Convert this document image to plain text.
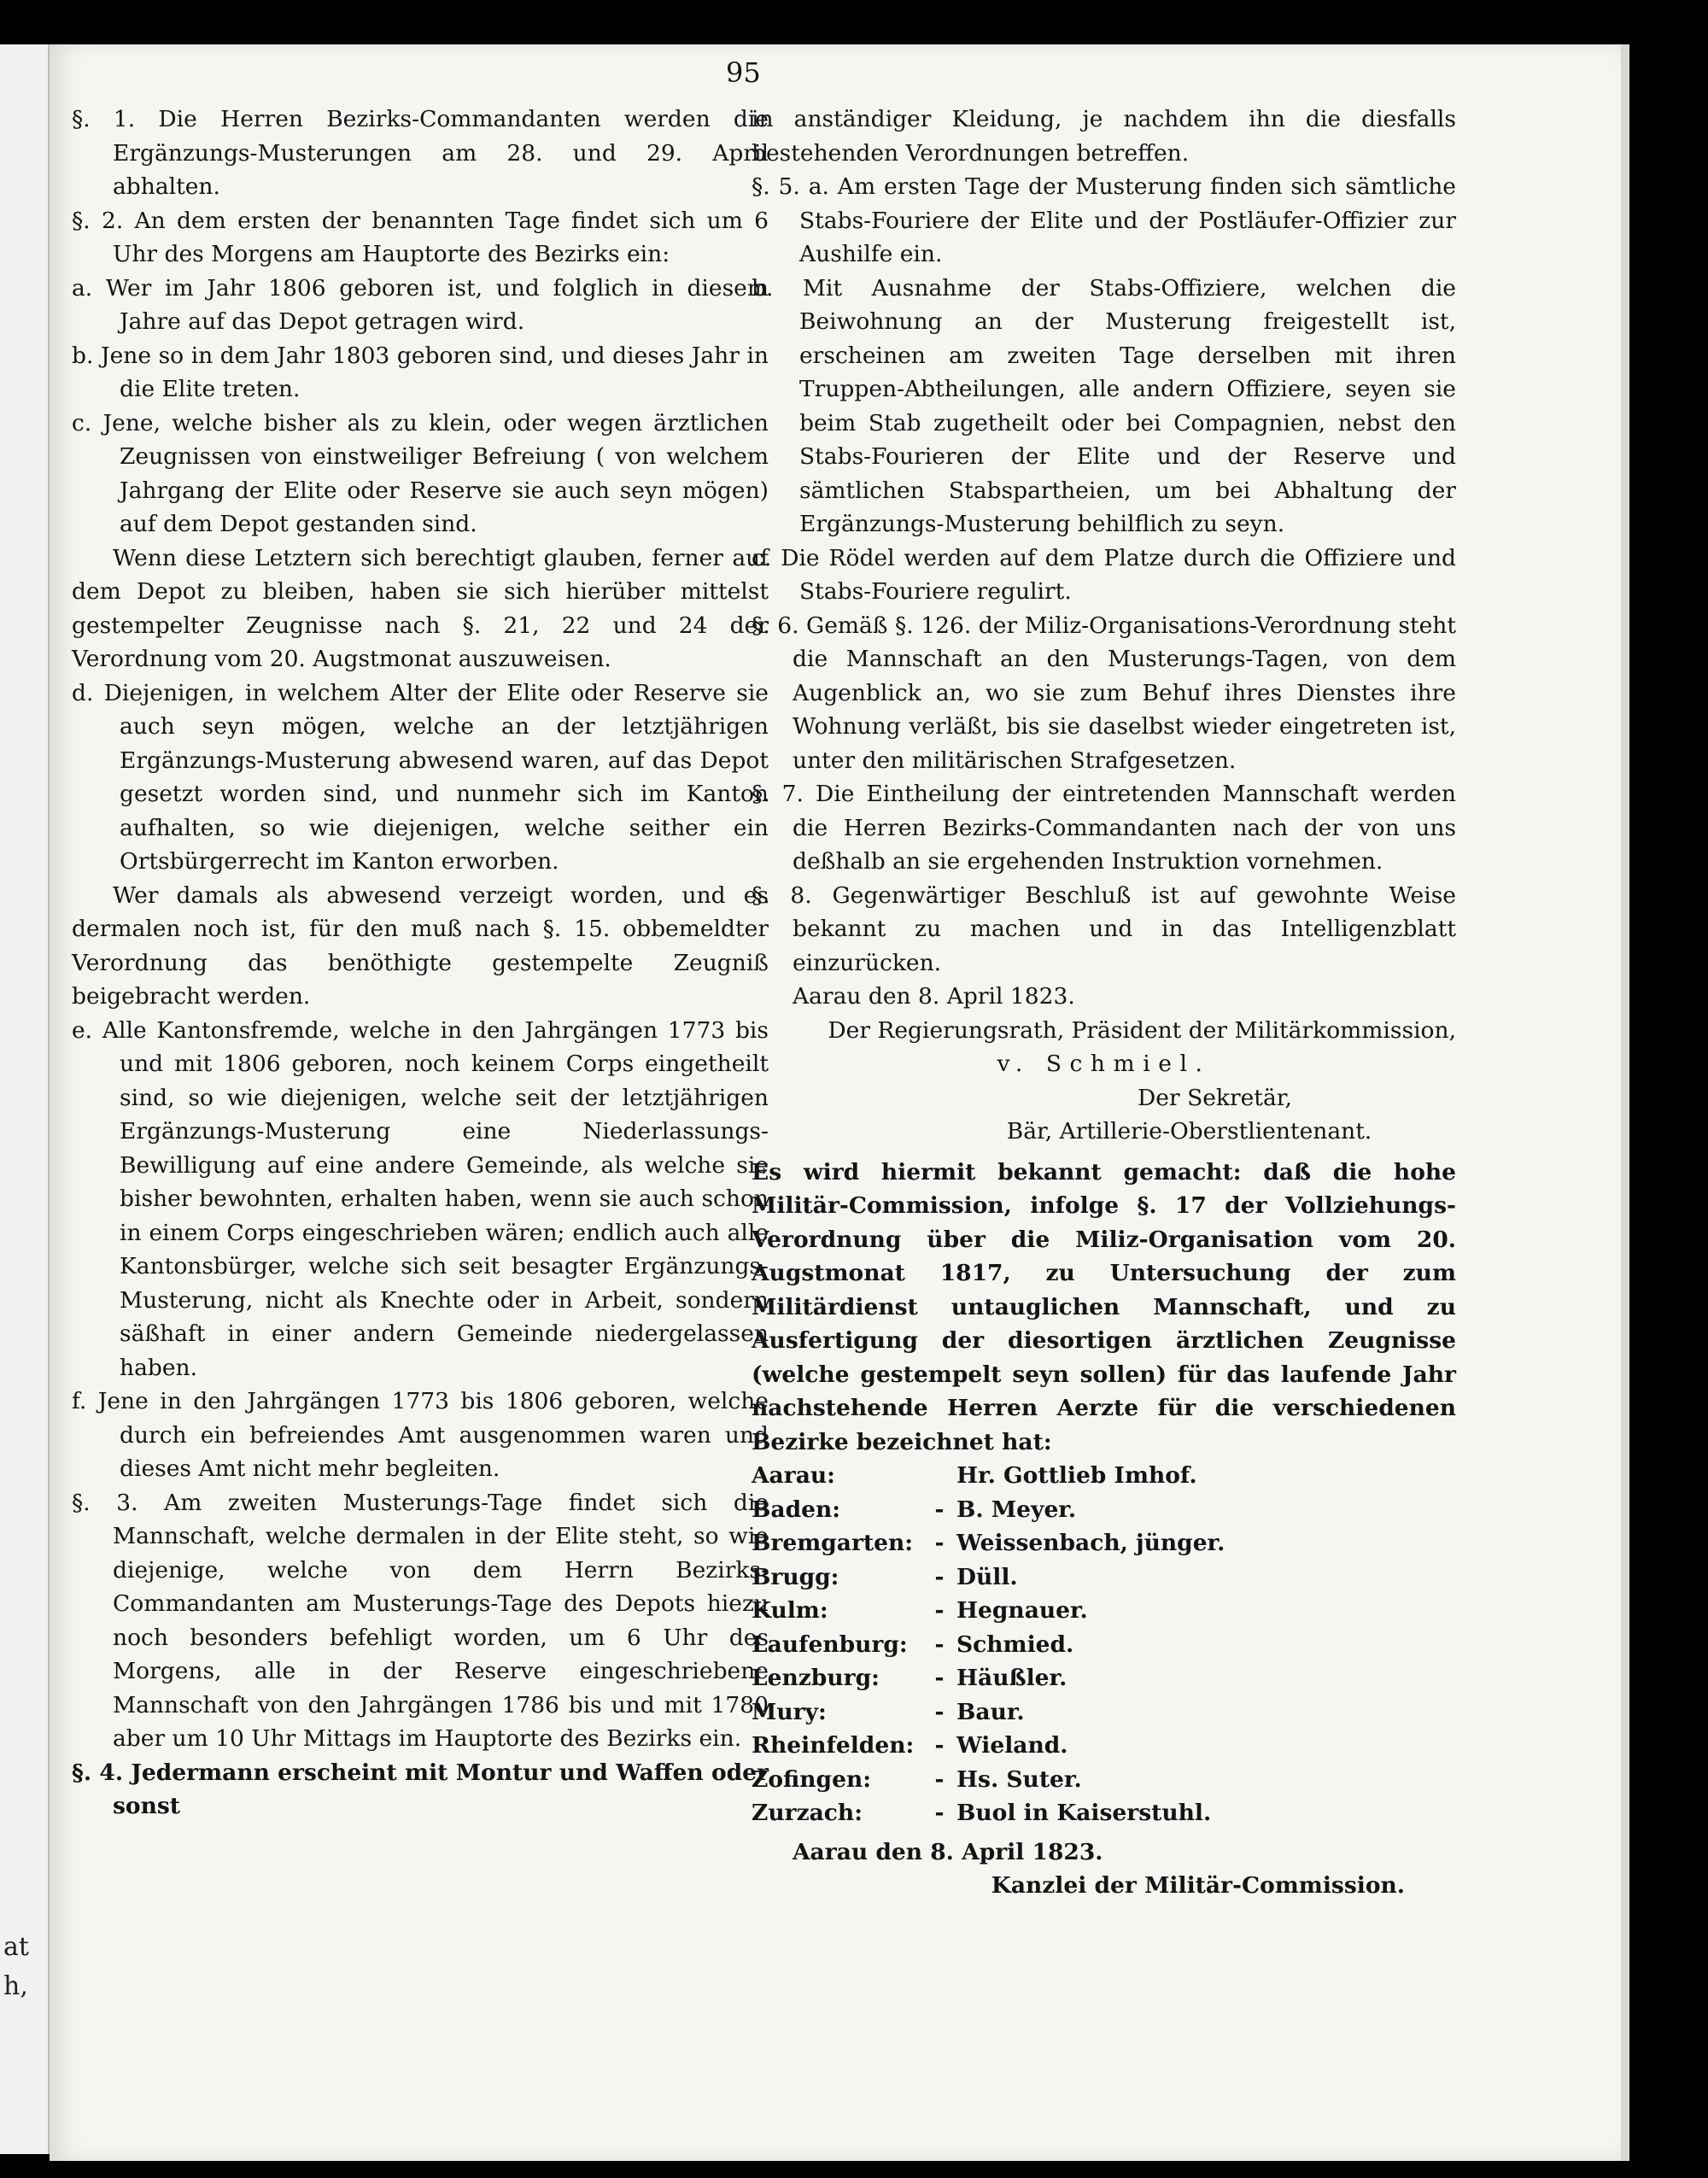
at
h,
95

§. 1. Die Herren Bezirks-Commandanten werden die Ergänzungs-Musterungen am 28. und 29. April abhalten.

§. 2. An dem ersten der benannten Tage findet sich um 6 Uhr des Morgens am Hauptorte des Bezirks ein:

a. Wer im Jahr 1806 geboren ist, und folglich in diesem Jahre auf das Depot getragen wird.

b. Jene so in dem Jahr 1803 geboren sind, und dieses Jahr in die Elite treten.

c. Jene, welche bisher als zu klein, oder wegen ärztlichen Zeugnissen von einstweiliger Befreiung ( von welchem Jahrgang der Elite oder Reserve sie auch seyn mögen) auf dem Depot gestanden sind.

Wenn diese Letztern sich berechtigt glauben, ferner auf dem Depot zu bleiben, haben sie sich hierüber mittelst gestempelter Zeugnisse nach §. 21, 22 und 24 der Verordnung vom 20. Augstmonat auszuweisen.

d. Diejenigen, in welchem Alter der Elite oder Reserve sie auch seyn mögen, welche an der letztjährigen Ergänzungs-Musterung abwesend waren, auf das Depot gesetzt worden sind, und nunmehr sich im Kanton aufhalten, so wie diejenigen, welche seither ein Ortsbürgerrecht im Kanton erworben.

Wer damals als abwesend verzeigt worden, und es dermalen noch ist, für den muß nach §. 15. obbemeldter Verordnung das benöthigte gestempelte Zeugniß beigebracht werden.

e. Alle Kantonsfremde, welche in den Jahrgängen 1773 bis und mit 1806 geboren, noch keinem Corps eingetheilt sind, so wie diejenigen, welche seit der letztjährigen Ergänzungs-Musterung eine Niederlassungs-Bewilligung auf eine andere Gemeinde, als welche sie bisher bewohnten, erhalten haben, wenn sie auch schon in einem Corps eingeschrieben wären; endlich auch alle Kantonsbürger, welche sich seit besagter Ergänzungs-Musterung, nicht als Knechte oder in Arbeit, sondern säßhaft in einer andern Gemeinde niedergelassen haben.

f. Jene in den Jahrgängen 1773 bis 1806 geboren, welche durch ein befreiendes Amt ausgenommen waren und dieses Amt nicht mehr begleiten.

§. 3. Am zweiten Musterungs-Tage findet sich die Mannschaft, welche dermalen in der Elite steht, so wie diejenige, welche von dem Herrn Bezirks-Commandanten am Musterungs-Tage des Depots hiezu noch besonders befehligt worden, um 6 Uhr des Morgens, alle in der Reserve eingeschriebene Mannschaft von den Jahrgängen 1786 bis und mit 1780 aber um 10 Uhr Mittags im Hauptorte des Bezirks ein.

§. 4. Jedermann erscheint mit Montur und Waffen oder sonst

in anständiger Kleidung, je nachdem ihn die diesfalls bestehenden Verordnungen betreffen.

§. 5. a. Am ersten Tage der Musterung finden sich sämtliche Stabs-Fouriere der Elite und der Postläufer-Offizier zur Aushilfe ein.

b. Mit Ausnahme der Stabs-Offiziere, welchen die Beiwohnung an der Musterung freigestellt ist, erscheinen am zweiten Tage derselben mit ihren Truppen-Abtheilungen, alle andern Offiziere, seyen sie beim Stab zugetheilt oder bei Compagnien, nebst den Stabs-Fourieren der Elite und der Reserve und sämtlichen Stabspartheien, um bei Abhaltung der Ergänzungs-Musterung behilflich zu seyn.

c. Die Rödel werden auf dem Platze durch die Offiziere und Stabs-Fouriere regulirt.

§. 6. Gemäß §. 126. der Miliz-Organisations-Verordnung steht die Mannschaft an den Musterungs-Tagen, von dem Augenblick an, wo sie zum Behuf ihres Dienstes ihre Wohnung verläßt, bis sie daselbst wieder eingetreten ist, unter den militärischen Strafgesetzen.

§. 7. Die Eintheilung der eintretenden Mannschaft werden die Herren Bezirks-Commandanten nach der von uns deßhalb an sie ergehenden Instruktion vornehmen.

§. 8. Gegenwärtiger Beschluß ist auf gewohnte Weise bekannt zu machen und in das Intelligenzblatt einzurücken.

Aarau den 8. April 1823.

Der Regierungsrath, Präsident der Militärkommission,

v. Schmiel.

Der Sekretär,

Bär, Artillerie-Oberstlientenant.

Es wird hiermit bekannt gemacht: daß die hohe Militär-Commission, infolge §. 17 der Vollziehungs-Verordnung über die Miliz-Organisation vom 20. Augstmonat 1817, zu Untersuchung der zum Militärdienst untauglichen Mannschaft, und zu Ausfertigung der diesortigen ärztlichen Zeugnisse (welche gestempelt seyn sollen) für das laufende Jahr nachstehende Herren Aerzte für die verschiedenen Bezirke bezeichnet hat:

Aarau:	Hr. Gottlieb Imhof.
Baden:	- B. Meyer.
Bremgarten: - Weissenbach, jünger.
Brugg:	- Düll.
Kulm:	- Hegnauer.
Laufenburg:	- Schmied.
Lenzburg:	- Häußler.
Mury:	- Baur.
Rheinfelden: - Wieland.
Zofingen:	- Hs. Suter.
Zurzach:	- Buol in Kaiserstuhl.

Aarau den 8. April 1823.

Kanzlei der Militär-Commission.
